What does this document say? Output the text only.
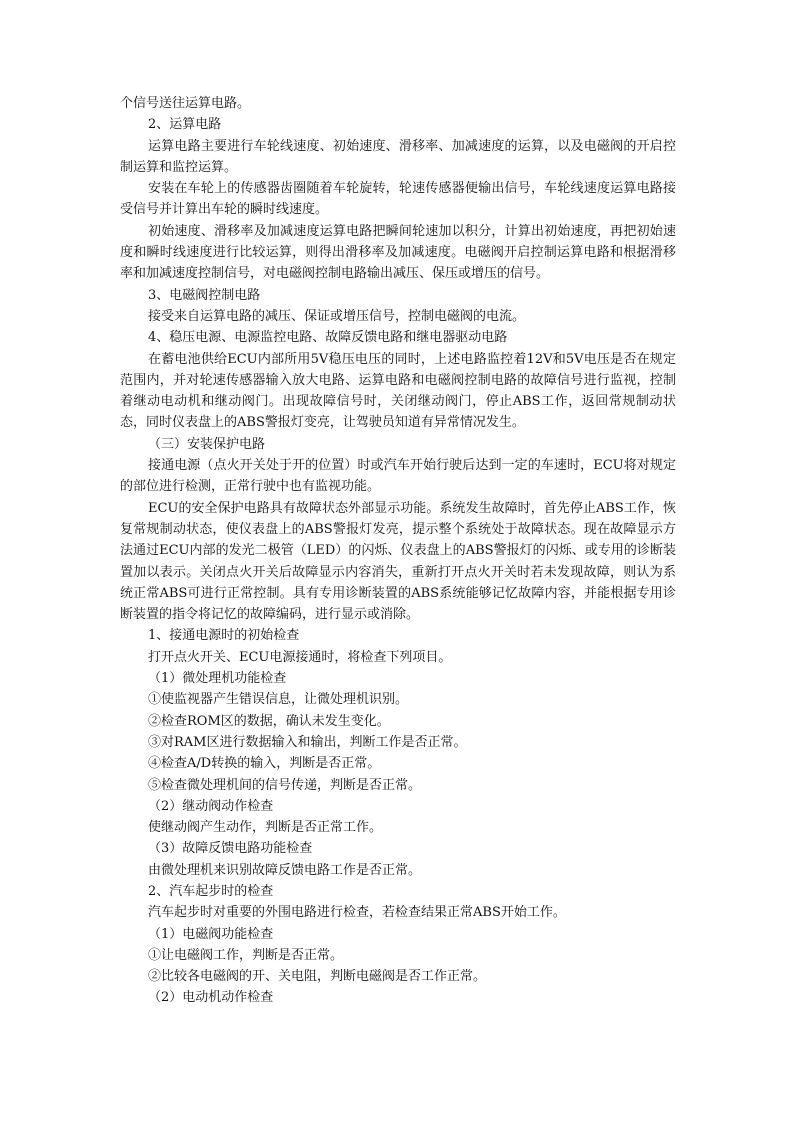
个信号送往运算电路。

2、运算电路

运算电路主要进行车轮线速度、初始速度、滑移率、加减速度的运算，以及电磁阀的开启控制运算和监控运算。

安装在车轮上的传感器齿圈随着车轮旋转，轮速传感器便输出信号，车轮线速度运算电路接受信号并计算出车轮的瞬时线速度。

初始速度、滑移率及加减速度运算电路把瞬间轮速加以积分，计算出初始速度，再把初始速度和瞬时线速度进行比较运算，则得出滑移率及加减速度。电磁阀开启控制运算电路和根据滑移率和加减速度控制信号，对电磁阀控制电路输出减压、保压或增压的信号。

3、电磁阀控制电路

接受来自运算电路的减压、保证或增压信号，控制电磁阀的电流。

4、稳压电源、电源监控电路、故障反馈电路和继电器驱动电路

在蓄电池供给ECU内部所用5V稳压电压的同时，上述电路监控着12V和5V电压是否在规定范围内，并对轮速传感器输入放大电路、运算电路和电磁阀控制电路的故障信号进行监视，控制着继动电动机和继动阀门。出现故障信号时，关闭继动阀门，停止ABS工作，返回常规制动状态，同时仪表盘上的ABS警报灯变亮，让驾驶员知道有异常情况发生。

（三）安装保护电路

接通电源（点火开关处于开的位置）时或汽车开始行驶后达到一定的车速时，ECU将对规定的部位进行检测，正常行驶中也有监视功能。

ECU的安全保护电路具有故障状态外部显示功能。系统发生故障时，首先停止ABS工作，恢复常规制动状态，使仪表盘上的ABS警报灯发亮，提示整个系统处于故障状态。现在故障显示方法通过ECU内部的发光二极管（LED）的闪烁、仪表盘上的ABS警报灯的闪烁、或专用的诊断装置加以表示。关闭点火开关后故障显示内容消失，重新打开点火开关时若未发现故障，则认为系统正常ABS可进行正常控制。具有专用诊断装置的ABS系统能够记忆故障内容，并能根据专用诊断装置的指令将记忆的故障编码，进行显示或消除。

1、接通电源时的初始检查

打开点火开关、ECU电源接通时，将检查下列项目。

（1）微处理机功能检查

①使监视器产生错误信息，让微处理机识别。

②检查ROM区的数据，确认未发生变化。

③对RAM区进行数据输入和输出，判断工作是否正常。

④检查A/D转换的输入，判断是否正常。

⑤检查微处理机间的信号传递，判断是否正常。

（2）继动阀动作检查

使继动阀产生动作，判断是否正常工作。

（3）故障反馈电路功能检查

由微处理机来识别故障反馈电路工作是否正常。

2、汽车起步时的检查

汽车起步时对重要的外围电路进行检查，若检查结果正常ABS开始工作。

（1）电磁阀功能检查

①让电磁阀工作，判断是否正常。

②比较各电磁阀的开、关电阻，判断电磁阀是否工作正常。

（2）电动机动作检查
